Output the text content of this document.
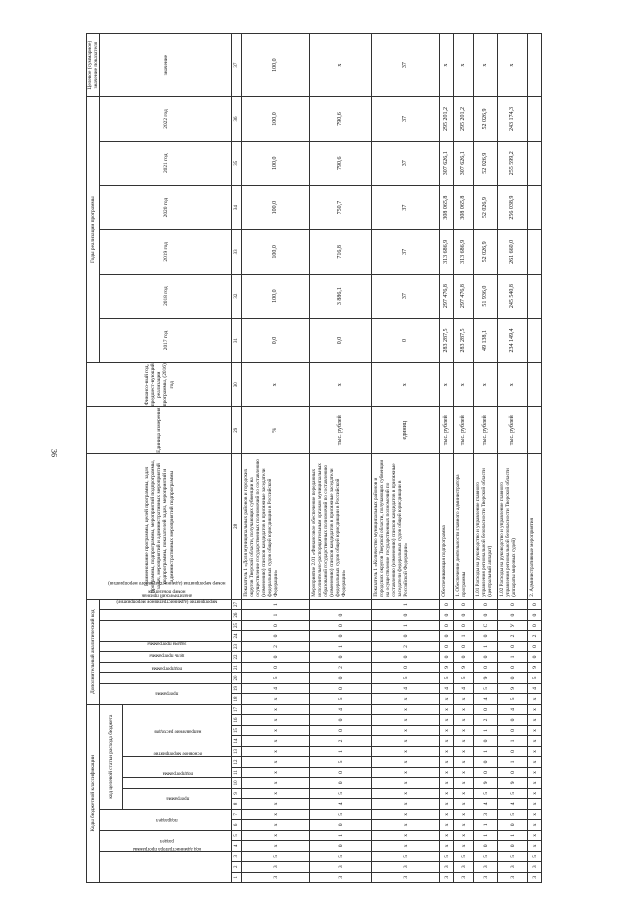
36
Коды бюджетной классификации																	Дополнительный аналитический код										Наименование программы, целей программы, задач программы, подпрограммы, мероприятий подпрограммы, задач, мероприятий и административных мероприятий подпрограммы, показателей задач, мероприятий и административных мероприятий подпрограммы	Единица измерения	Финансо-вый год, предшест-вующий реализации программы, (2016) год	Годы реализации программы						Целевое (суммарное) значение показателя
код администратора программы			раздел		подраздел		код целевой статьи расхода бюджета										программа		подпрограмма	цель программы	задача программы	мероприятие (административное мероприятие)	номер мероприятия (административного мероприятия)		аналитический признак	номер показателя				2017 год	2018 год	2019 год	2020 год	2021 год	2022 год	значение
							программа		подпрограмма	основное мероприятие		направление расходов																								
1	2	3	4	5	6	7	8	9	10	11	12	13	14	15	16	17	18	19	20	21	22	23	24	25	26	27	28	29	30	31	32	33	34	35	36	37
3	3	5	x	x	x	x	x	x	x	x	x	x	x	x	x	x	x	4	5	0	0	2	0	0	1	1	Показатель 1 «Доля муниципальных районов и городских округов Тверской области, получающих субвенции на осуществление государственных полномочий по составлению (изменению) списков кандидатов в присяжные заседатели федеральных судов общей юрисдикции в Российской Федерации»	%	x	0,0	100,0	100,0	100,0	100,0	100,0	100,0
3	3	5	0	1	0	5	4	5	0	0	5	1	2	0	0	4	5	0	0	2	0	1	0	0	0		Мероприятие 2.01 «Финансовое обеспечение переданных исполнительно-распорядительным органам муниципальных образований государственных полномочий по составлению (изменению) списков кандидатов в присяжные заседатели федеральных судов общей юрисдикции в Российской Федерации»	тыс. рублей	x	0,0	3 886,1	716,8	750,7	790,6	790,6	x
3	3	5	x	x	x	x	x	x	x	x	x	x	x	x	x	x	x	4	5	0	0	2	0	1	0	1	Показатель 1 «Количество муниципальных районов и городских округов Тверской области, получающих субвенции на осуществление государственных полномочий по составлению (изменению) списков кандидатов в присяжные заседатели федеральных судов общей юрисдикции в Российской Федерации»	единиц	x	0	37	37	37	37	37	37
3	3	5	x	x	x	x	x	x	x	x	x	x	x	x	x	x	x	4	5	9	0	0	0	0	0	0	Обеспечивающая подпрограмма	тыс. рублей	x	283 287,5	297 476,8	313 686,9	308 065,8	307 626,1	295 201,2	x
3	3	5	x	x	x	x	x	x	x	x	x	x	x	x	x	x	x	4	5	9	0	0	1	0	0	0	1. Обеспечение деятельности главного администратора программы	тыс. рублей	x	283 287,5	297 476,8	313 686,9	308 065,8	307 626,1	295 201,2	x
3	3	5	0	1	1	3	4	5	9	0	0	1	0	1	2	0	4	5	9	0	0	1	0	С	0	0	1.01 Расходы на руководство и управление главного управления региональной безопасности Тверской области (центральный аппарат)	тыс. рублей	x	49 138,1	51 936,0	52 026,9	52 026,9	52 026,9	52 026,9	x
3	3	5	0	1	0	5	4	5	9	0	1	0	1	0	0	4	5	9	0	0	1	0	2	У	0	0	1.02 Расходы на руководство и управление главного управления региональной безопасности Тверской области (аппараты мировых судей)	тыс. рублей	x	234 149,4	245 540,8	261 660,0	256 038,9	255 599,2	243 174,3	x
3	3	5	x	x	x	x	x	x	x	x	x	x	x	x	x	x	x	4	5	9	0	0	2	0	0	0	2. Административные мероприятия									
